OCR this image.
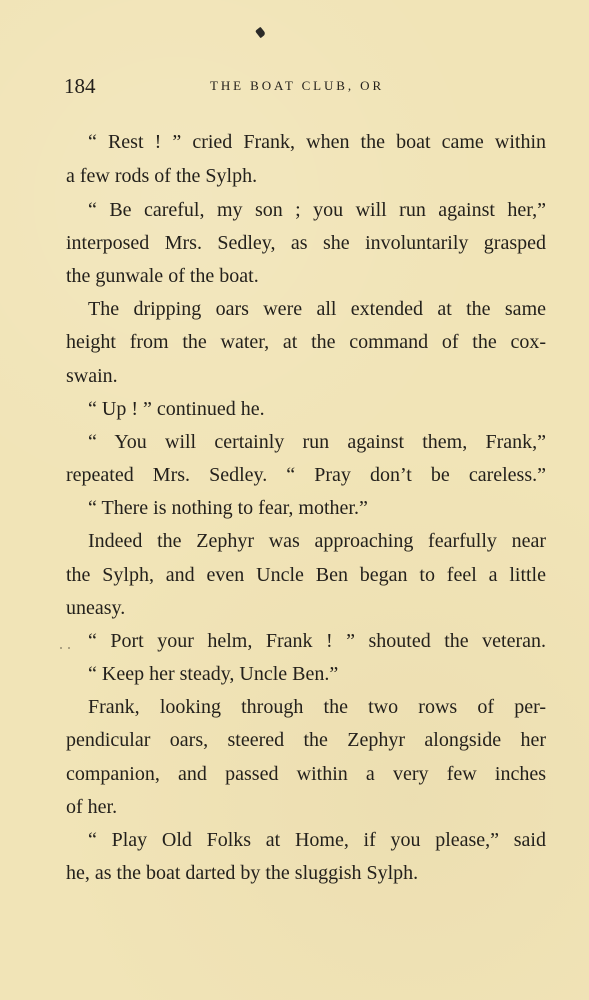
184	THE BOAT CLUB, OR
“ Rest ! ” cried Frank, when the boat came within
a few rods of the Sylph.
“ Be careful, my son ; you will run against her,”
interposed Mrs. Sedley, as she involuntarily grasped
the gunwale of the boat.
The dripping oars were all extended at the same
height from the water, at the command of the cox-
swain.
“ Up ! ” continued he.
“ You will certainly run against them, Frank,”
repeated Mrs. Sedley. “ Pray don’t be careless.”
“ There is nothing to fear, mother.”
Indeed the Zephyr was approaching fearfully near
the Sylph, and even Uncle Ben began to feel a little
uneasy.
“ Port your helm, Frank ! ” shouted the veteran.
“ Keep her steady, Uncle Ben.”
Frank, looking through the two rows of per-
pendicular oars, steered the Zephyr alongside her
companion, and passed within a very few inches
of her.
“ Play Old Folks at Home, if you please,” said
he, as the boat darted by the sluggish Sylph.
